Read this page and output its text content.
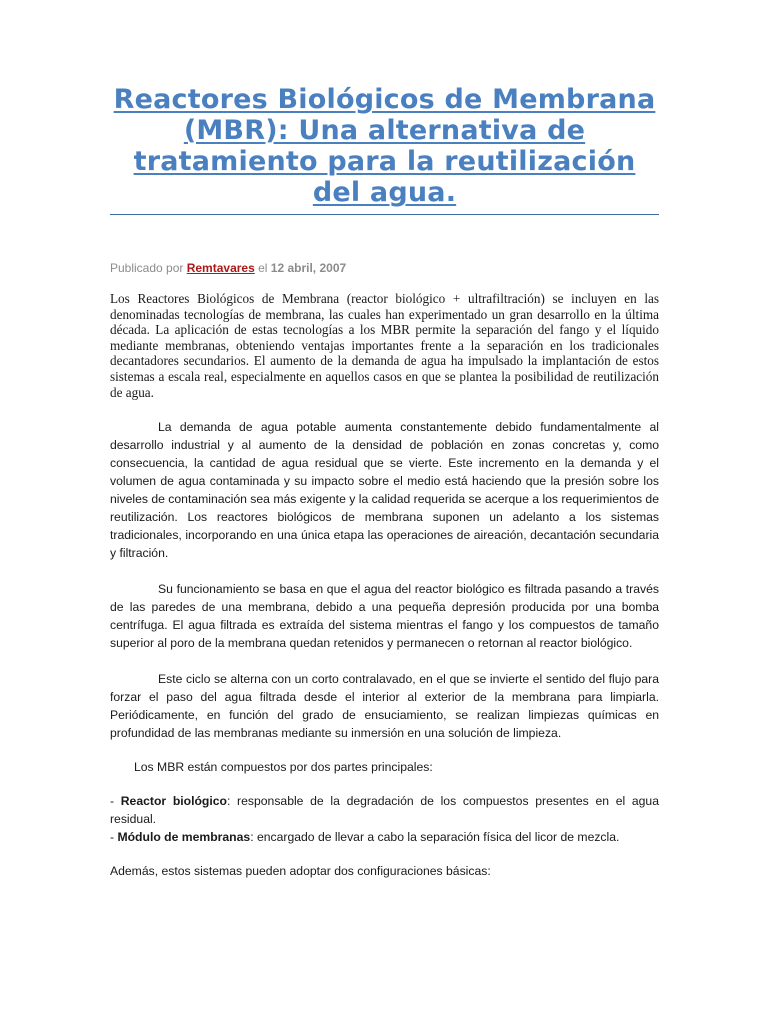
Reactores Biológicos de Membrana (MBR): Una alternativa de tratamiento para la reutilización del agua.
Publicado por Remtavares el 12 abril, 2007

Los Reactores Biológicos de Membrana (reactor biológico + ultrafiltración) se incluyen en las denominadas tecnologías de membrana, las cuales han experimentado un gran desarrollo en la última década. La aplicación de estas tecnologías a los MBR permite la separación del fango y el líquido mediante membranas, obteniendo ventajas importantes frente a la separación en los tradicionales decantadores secundarios. El aumento de la demanda de agua ha impulsado la implantación de estos sistemas a escala real, especialmente en aquellos casos en que se plantea la posibilidad de reutilización de agua.

La demanda de agua potable aumenta constantemente debido fundamentalmente al desarrollo industrial y al aumento de la densidad de población en zonas concretas y, como consecuencia, la cantidad de agua residual que se vierte. Este incremento en la demanda y el volumen de agua contaminada y su impacto sobre el medio está haciendo que la presión sobre los niveles de contaminación sea más exigente y la calidad requerida se acerque a los requerimientos de reutilización. Los reactores biológicos de membrana suponen un adelanto a los sistemas tradicionales, incorporando en una única etapa las operaciones de aireación, decantación secundaria y filtración.

Su funcionamiento se basa en que el agua del reactor biológico es filtrada pasando a través de las paredes de una membrana, debido a una pequeña depresión producida por una bomba centrífuga. El agua filtrada es extraída del sistema mientras el fango y los compuestos de tamaño superior al poro de la membrana quedan retenidos y permanecen o retornan al reactor biológico.

Este ciclo se alterna con un corto contralavado, en el que se invierte el sentido del flujo para forzar el paso del agua filtrada desde el interior al exterior de la membrana para limpiarla. Periódicamente, en función del grado de ensuciamiento, se realizan limpiezas químicas en profundidad de las membranas mediante su inmersión en una solución de limpieza.

Los MBR están compuestos por dos partes principales:

- Reactor biológico: responsable de la degradación de los compuestos presentes en el agua residual.
- Módulo de membranas: encargado de llevar a cabo la separación física del licor de mezcla.

Además, estos sistemas pueden adoptar dos configuraciones básicas:
